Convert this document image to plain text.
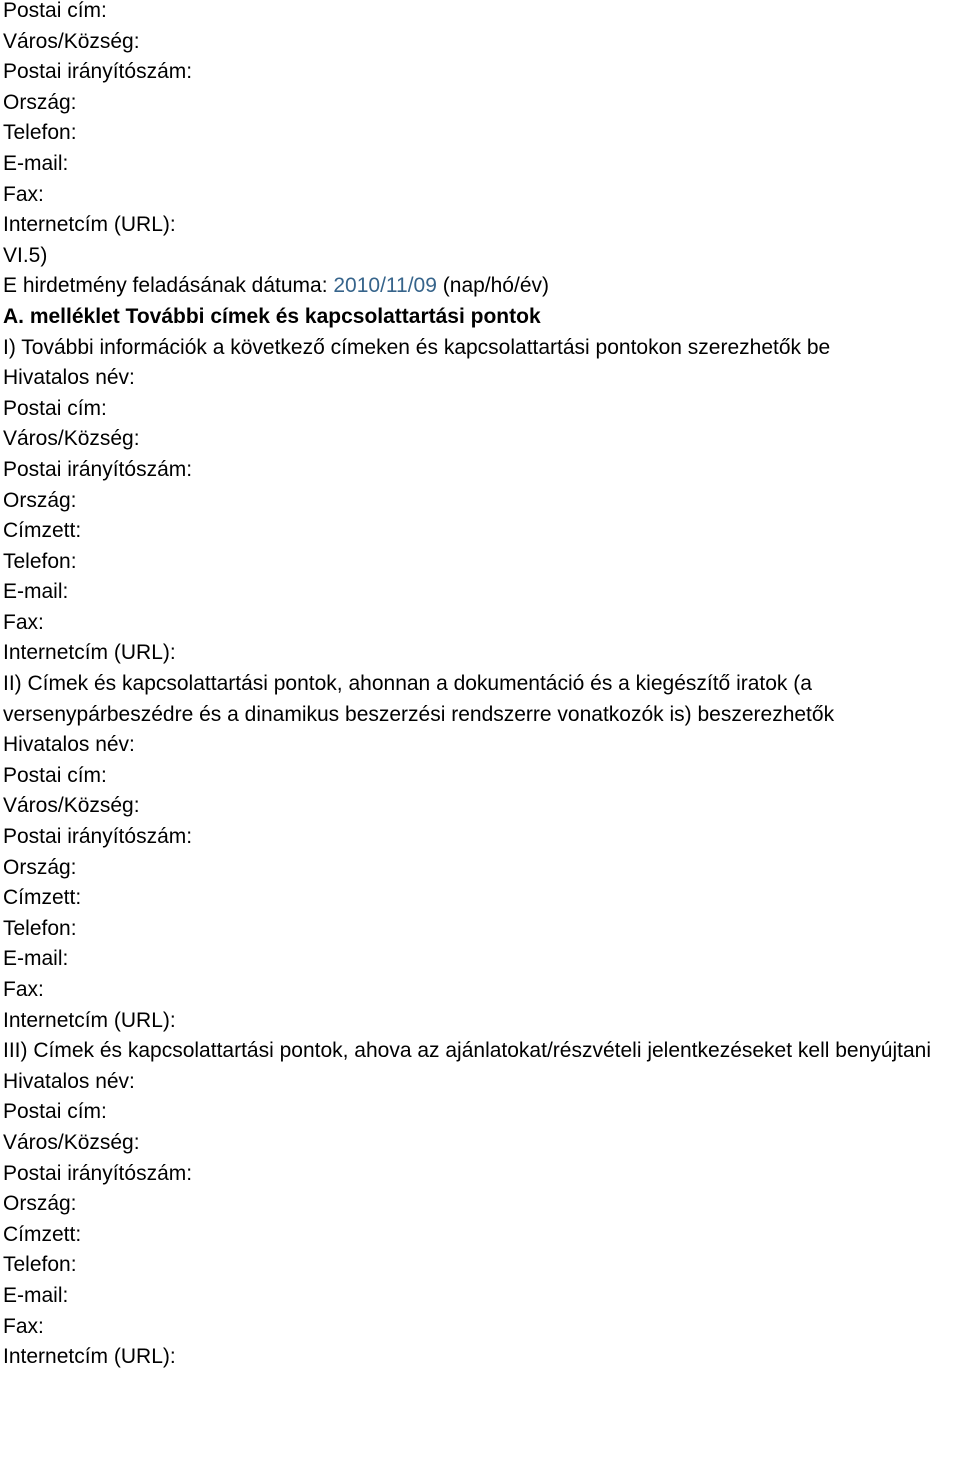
Postai cím:
Város/Község:
Postai irányítószám:
Ország:
Telefon:
E-mail:
Fax:
Internetcím (URL):
VI.5)
E hirdetmény feladásának dátuma: 2010/11/09 (nap/hó/év)
A. melléklet További címek és kapcsolattartási pontok

I) További információk a következő címeken és kapcsolattartási pontokon szerezhetők be

Hivatalos név:
Postai cím:
Város/Község:
Postai irányítószám:
Ország:
Címzett:
Telefon:
E-mail:
Fax:
Internetcím (URL):

II) Címek és kapcsolattartási pontok, ahonnan a dokumentáció és a kiegészítő iratok (a versenypárbeszédre és a dinamikus beszerzési rendszerre vonatkozók is) beszerezhetők

Hivatalos név:
Postai cím:
Város/Község:
Postai irányítószám:
Ország:
Címzett:
Telefon:
E-mail:
Fax:
Internetcím (URL):

III) Címek és kapcsolattartási pontok, ahova az ajánlatokat/részvételi jelentkezéseket kell benyújtani

Hivatalos név:
Postai cím:
Város/Község:
Postai irányítószám:
Ország:
Címzett:
Telefon:
E-mail:
Fax:
Internetcím (URL):
